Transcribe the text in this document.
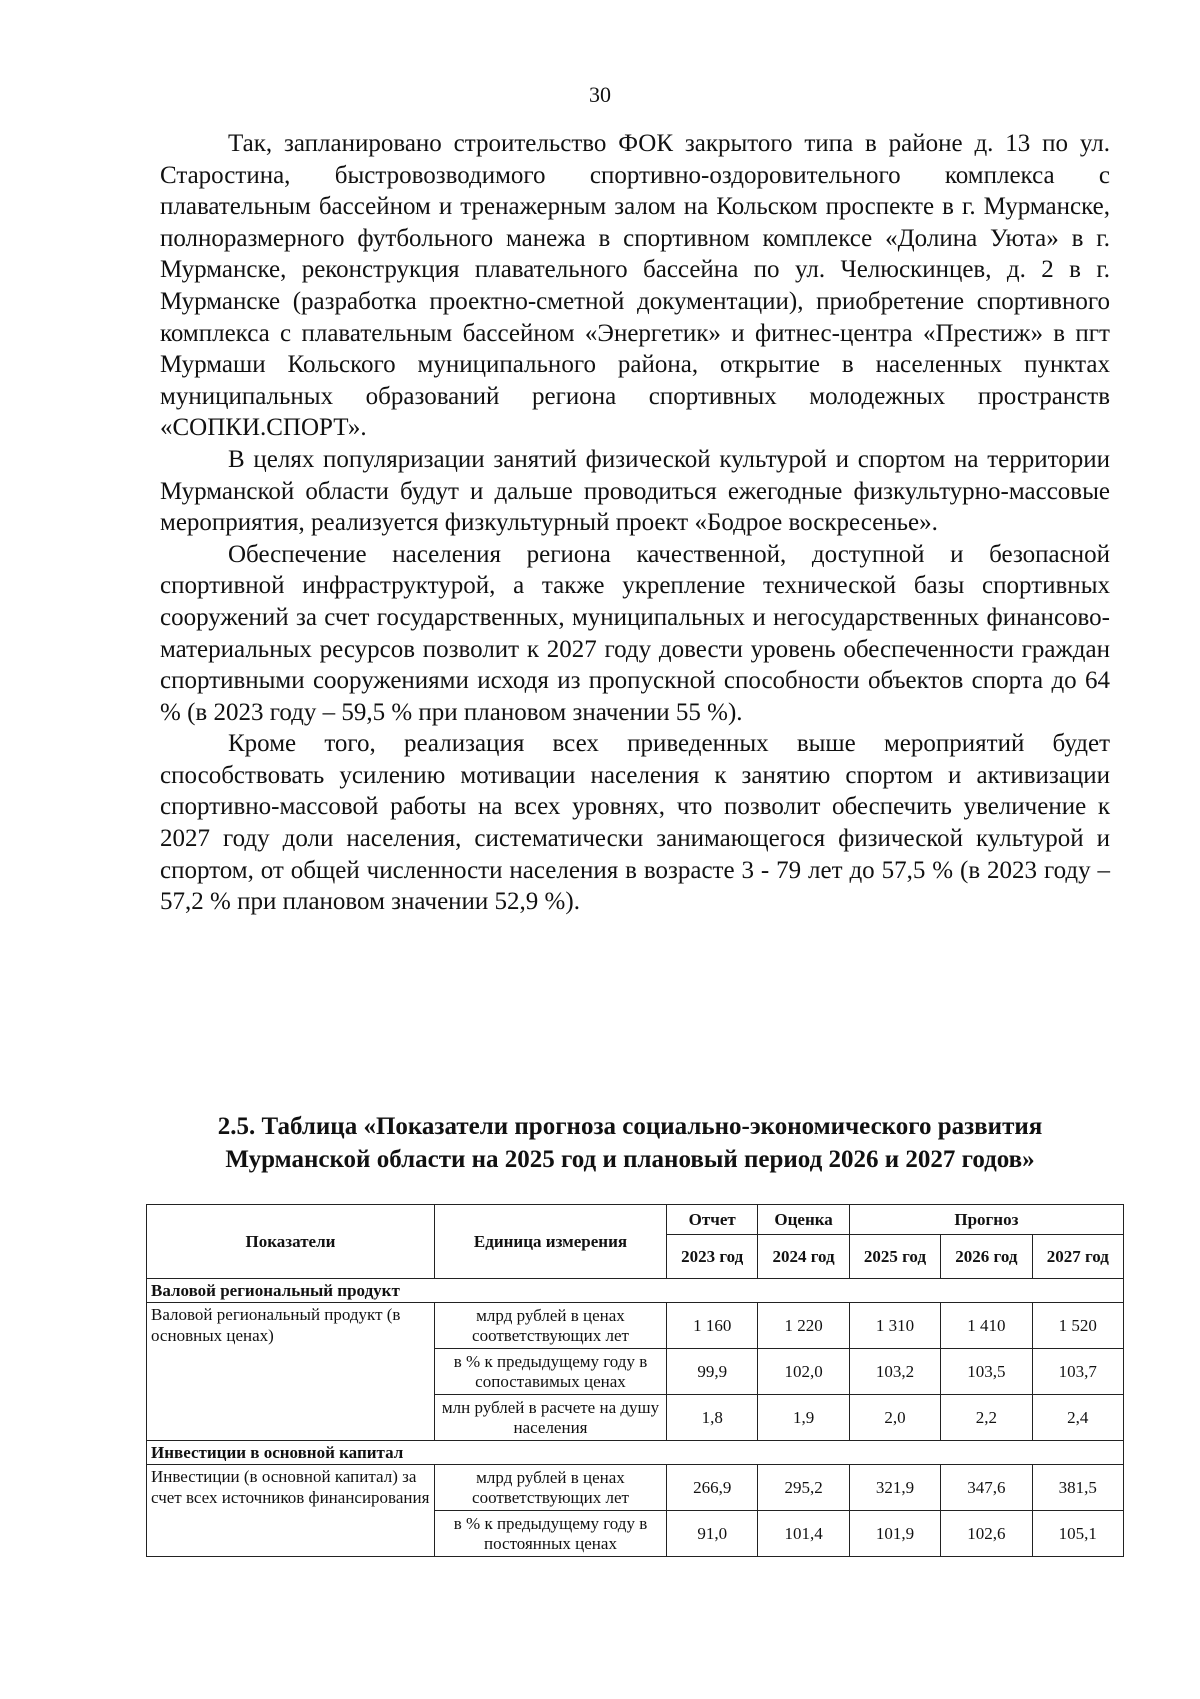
30

Так, запланировано строительство ФОК закрытого типа в районе д. 13 по ул. Старостина, быстровозводимого спортивно-оздоровительного комплекса с плавательным бассейном и тренажерным залом на Кольском проспекте в г. Мурманске, полноразмерного футбольного манежа в спортивном комплексе «Долина Уюта» в г. Мурманске, реконструкция плавательного бассейна по ул. Челюскинцев, д. 2 в г. Мурманске (разработка проектно-сметной документации), приобретение спортивного комплекса с плавательным бассейном «Энергетик» и фитнес-центра «Престиж» в пгт Мурмаши Кольского муниципального района, открытие в населенных пунктах муниципальных образований региона спортивных молодежных пространств «СОПКИ.СПОРТ».

В целях популяризации занятий физической культурой и спортом на территории Мурманской области будут и дальше проводиться ежегодные физкультурно-массовые мероприятия, реализуется физкультурный проект «Бодрое воскресенье».

Обеспечение населения региона качественной, доступной и безопасной спортивной инфраструктурой, а также укрепление технической базы спортивных сооружений за счет государственных, муниципальных и негосударственных финансово-материальных ресурсов позволит к 2027 году довести уровень обеспеченности граждан спортивными сооружениями исходя из пропускной способности объектов спорта до 64 % (в 2023 году – 59,5 % при плановом значении 55 %).

Кроме того, реализация всех приведенных выше мероприятий будет способствовать усилению мотивации населения к занятию спортом и активизации спортивно-массовой работы на всех уровнях, что позволит обеспечить увеличение к 2027 году доли населения, систематически занимающегося физической культурой и спортом, от общей численности населения в возрасте 3 - 79 лет до 57,5 % (в 2023 году – 57,2 % при плановом значении 52,9 %).

2.5. Таблица «Показатели прогноза социально-экономического развития
Мурманской области на 2025 год и плановый период 2026 и 2027 годов»
Показатели	Единица измерения	Отчет	Оценка	Прогноз		
		2023 год	2024 год	2025 год	2026 год	2027 год
Валовой региональный продукт						
Валовой региональный продукт (в основных ценах)	млрд рублей в ценах соответствующих лет	1 160	1 220	1 310	1 410	1 520
	в % к предыдущему году в сопоставимых ценах	99,9	102,0	103,2	103,5	103,7
	млн рублей в расчете на душу населения	1,8	1,9	2,0	2,2	2,4
Инвестиции в основной капитал						
Инвестиции (в основной капитал) за счет всех источников финансирования	млрд рублей в ценах соответствующих лет	266,9	295,2	321,9	347,6	381,5
	в % к предыдущему году в постоянных ценах	91,0	101,4	101,9	102,6	105,1
